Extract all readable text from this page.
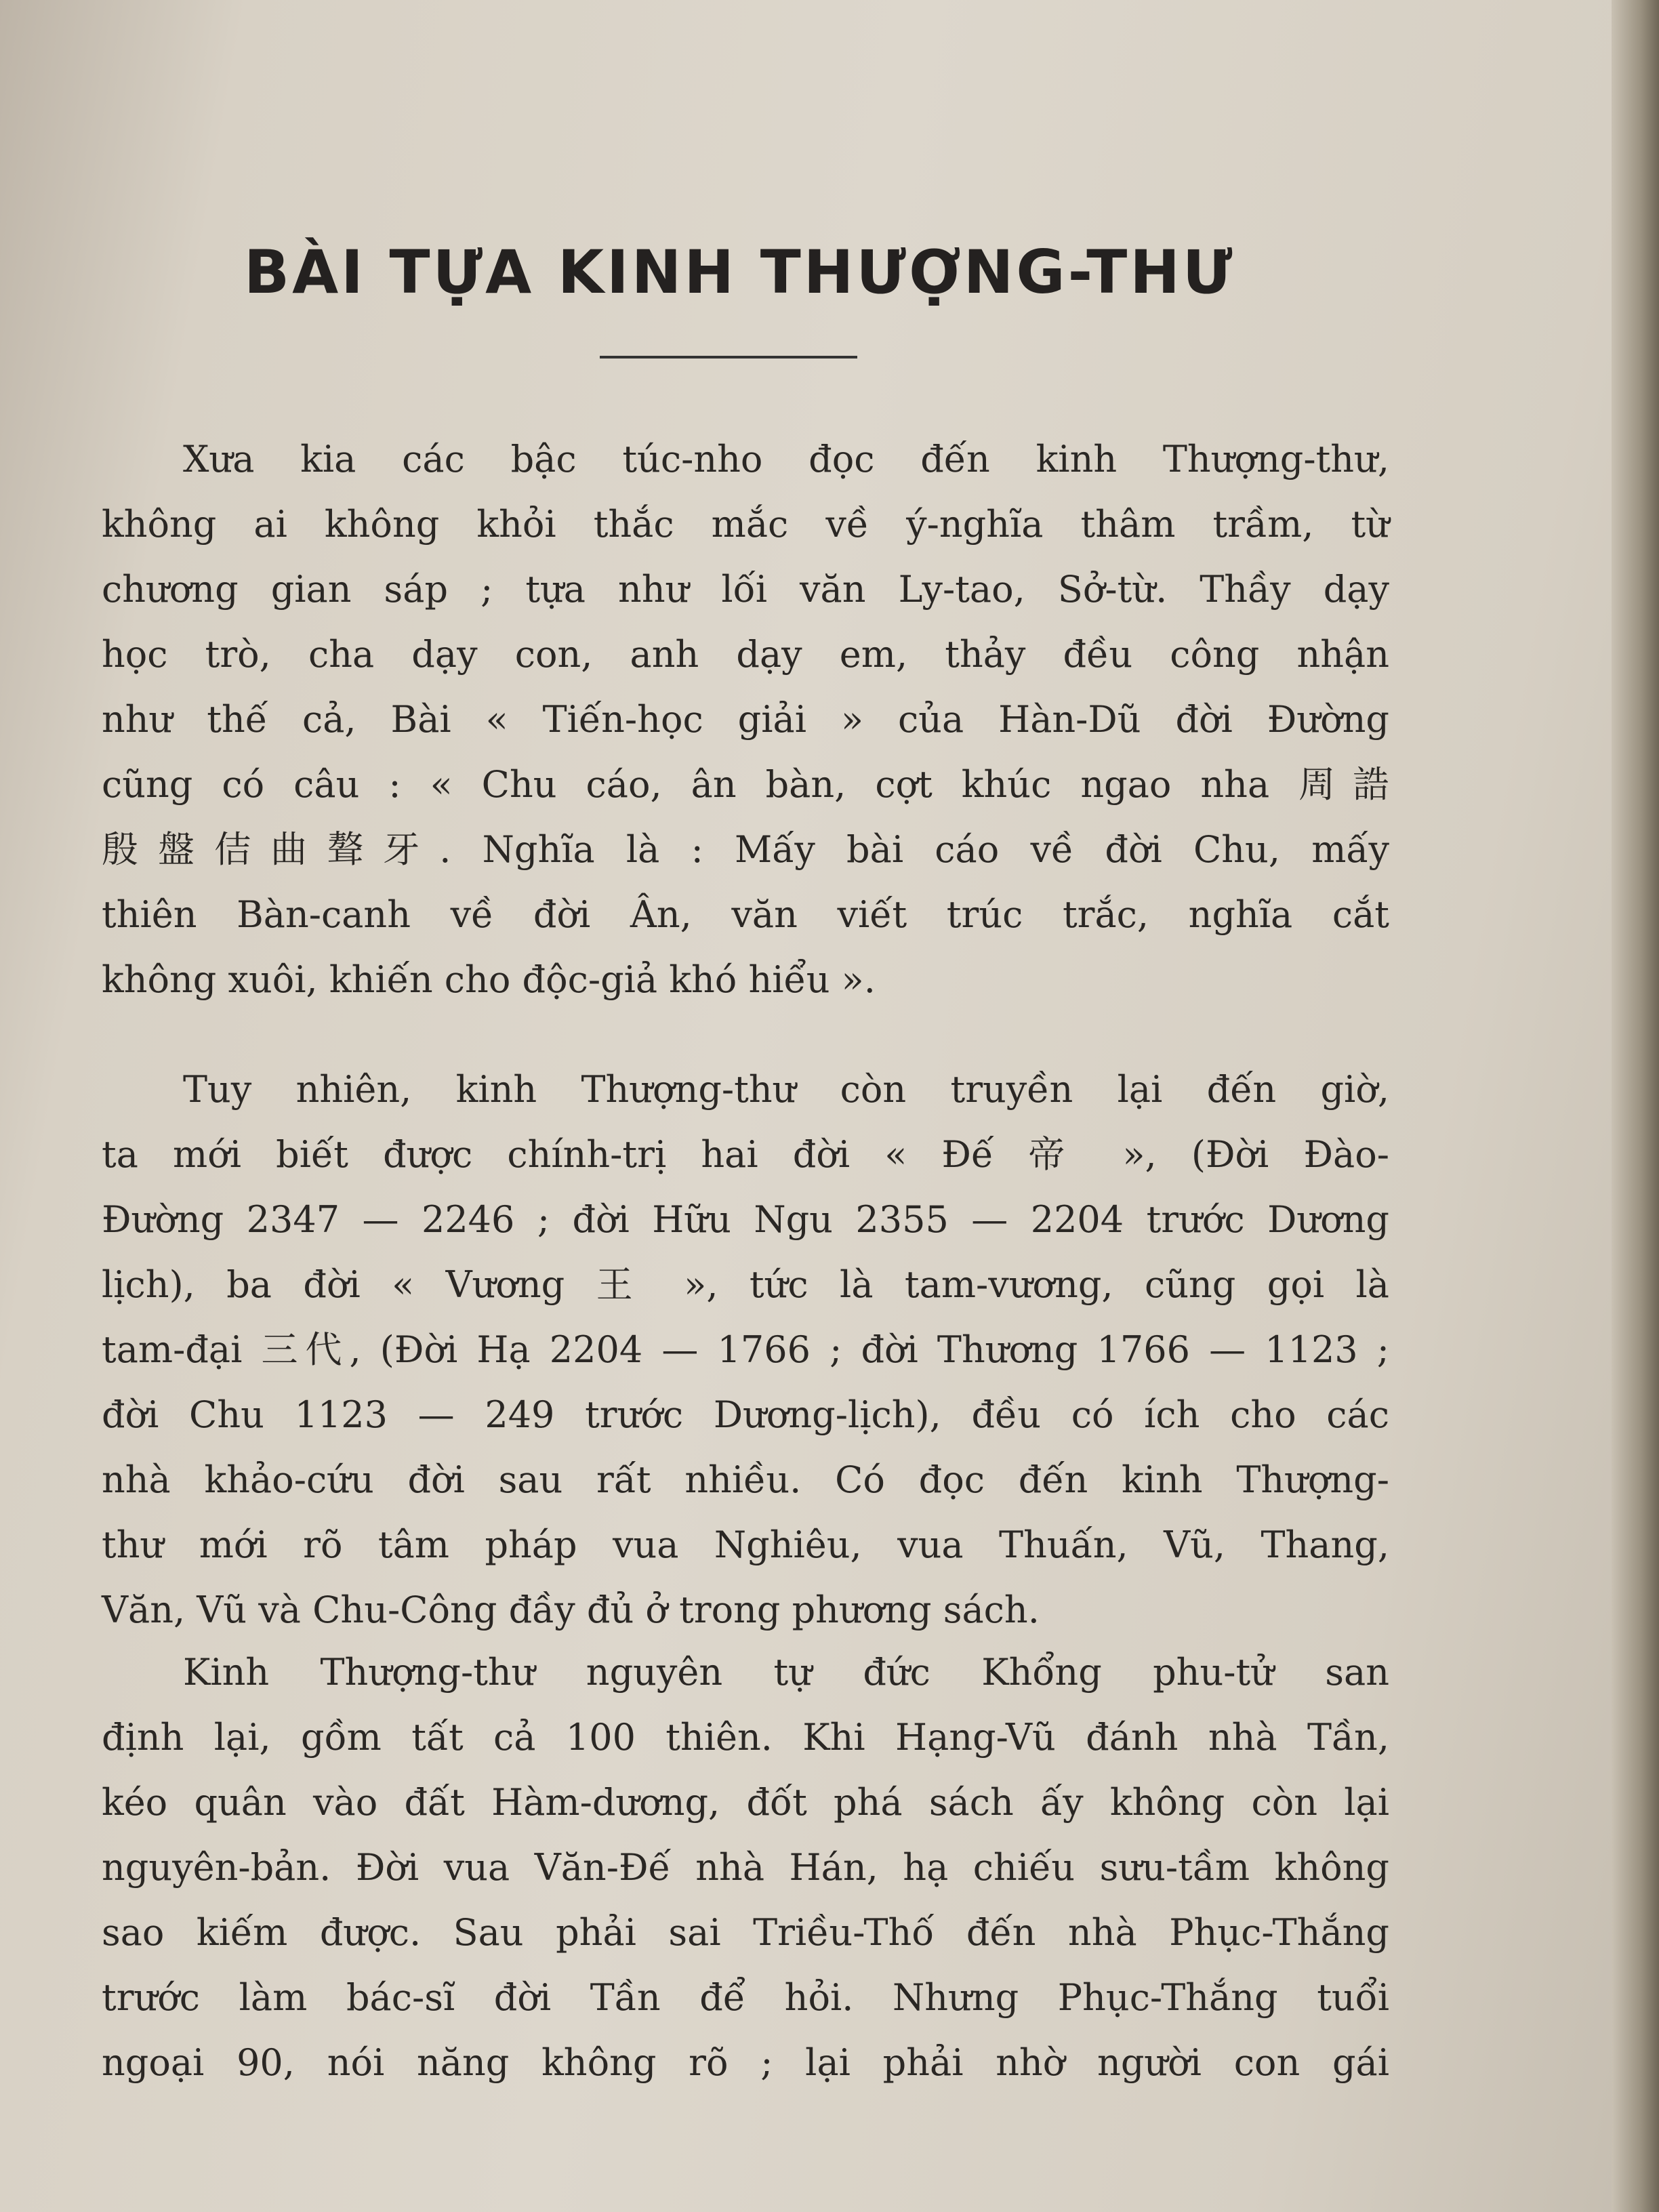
BÀI TỰA KINH THƯỢNG-THƯ
Xưa kia các bậc túc-nho đọc đến kinh Thượng-thư,
không ai không khỏi thắc mắc về ý-nghĩa thâm trầm, từ
chương gian sáp ; tựa như lối văn Ly-tao, Sở-từ. Thầy dạy
học trò, cha dạy con, anh dạy em, thảy đều công nhận
như thế cả, Bài « Tiến-học giải » của Hàn-Dũ đời Đường
cũng có câu : « Chu cáo, ân bàn, cợt khúc ngao nha 周誥
殷盤佶曲聱牙. Nghĩa là : Mấy bài cáo về đời Chu, mấy
thiên Bàn-canh về đời Ân, văn viết trúc trắc, nghĩa cắt
không xuôi, khiến cho độc-giả khó hiểu ».
Tuy nhiên, kinh Thượng-thư còn truyền lại đến giờ,
ta mới biết được chính-trị hai đời « Đế 帝 », (Đời Đào-
Đường 2347 — 2246 ; đời Hữu Ngu 2355 — 2204 trước Dương
lịch), ba đời « Vương 王 », tức là tam-vương, cũng gọi là
tam-đại 三代, (Đời Hạ 2204 — 1766 ; đời Thương 1766 — 1123 ;
đời Chu 1123 — 249 trước Dương-lịch), đều có ích cho các
nhà khảo-cứu đời sau rất nhiều. Có đọc đến kinh Thượng-
thư mới rõ tâm pháp vua Nghiêu, vua Thuấn, Vũ, Thang,
Văn, Vũ và Chu-Công đầy đủ ở trong phương sách.
Kinh Thượng-thư nguyên tự đức Khổng phu-tử san
định lại, gồm tất cả 100 thiên. Khi Hạng-Vũ đánh nhà Tần,
kéo quân vào đất Hàm-dương, đốt phá sách ấy không còn lại
nguyên-bản. Đời vua Văn-Đế nhà Hán, hạ chiếu sưu-tầm không
sao kiếm được. Sau phải sai Triều-Thố đến nhà Phục-Thắng
trước làm bác-sĩ đời Tần để hỏi. Nhưng Phục-Thắng tuổi
ngoại 90, nói năng không rõ ; lại phải nhờ người con gái
